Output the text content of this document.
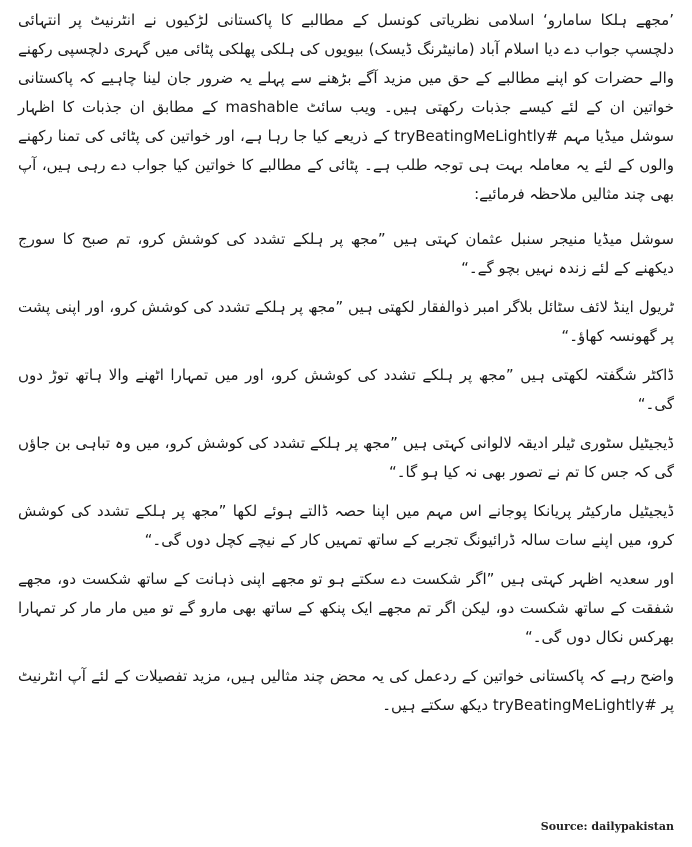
’مجھے ہلکا سامارو‘ اسلامی نظریاتی کونسل کے مطالبے کا پاکستانی لڑکیوں نے انٹرنیٹ پر انتہائی دلچسپ جواب دے دیا اسلام آباد (مانیٹرنگ ڈیسک) بیویوں کی ہلکی پھلکی پٹائی میں گہری دلچسپی رکھنے والے حضرات کو اپنے مطالبے کے حق میں مزید آگے بڑھنے سے پہلے یہ ضرور جان لینا چاہیے کہ پاکستانی خواتین ان کے لئے کیسے جذبات رکھتی ہیں۔ ویب سائٹ mashable کے مطابق ان جذبات کا اظہار سوشل میڈیا مہم #tryBeatingMeLightly کے ذریعے کیا جا رہا ہے، اور خواتین کی پٹائی کی تمنا رکھنے والوں کے لئے یہ معاملہ بہت ہی توجہ طلب ہے۔ پٹائی کے مطالبے کا خواتین کیا جواب دے رہی ہیں، آپ بھی چند مثالیں ملاحظہ فرمائیے:

سوشل میڈیا منیجر سنبل عثمان کہتی ہیں ”مجھ پر ہلکے تشدد کی کوشش کرو، تم صبح کا سورج دیکھنے کے لئے زندہ نہیں بچو گے۔“

ٹریول اینڈ لائف سٹائل بلاگر امبر ذوالفقار لکھتی ہیں ”مجھ پر ہلکے تشدد کی کوشش کرو، اور اپنی پشت پر گھونسہ کھاؤ۔“

ڈاکٹر شگفتہ لکھتی ہیں ”مجھ پر ہلکے تشدد کی کوشش کرو، اور میں تمہارا اٹھنے والا ہاتھ توڑ دوں گی۔“

ڈیجیٹیل سٹوری ٹیلر ادیقہ لالوانی کہتی ہیں ”مجھ پر ہلکے تشدد کی کوشش کرو، میں وہ تباہی بن جاؤں گی کہ جس کا تم نے تصور بھی نہ کیا ہو گا۔“

ڈیجیٹیل مارکیٹر پریانکا پوجانے اس مہم میں اپنا حصہ ڈالتے ہوئے لکھا ”مجھ پر ہلکے تشدد کی کوشش کرو، میں اپنے سات سالہ ڈرائیونگ تجربے کے ساتھ تمہیں کار کے نیچے کچل دوں گی۔“

اور سعدیہ اظہر کہتی ہیں ”اگر شکست دے سکتے ہو تو مجھے اپنی ذہانت کے ساتھ شکست دو، مجھے شفقت کے ساتھ شکست دو، لیکن اگر تم مجھے ایک پنکھ کے ساتھ بھی مارو گے تو میں مار مار کر تمہارا بھرکس نکال دوں گی۔“

واضح رہے کہ پاکستانی خواتین کے ردعمل کی یہ محض چند مثالیں ہیں، مزید تفصیلات کے لئے آپ انٹرنیٹ پر #tryBeatingMeLightly دیکھ سکتے ہیں۔

Source: dailypakistan
